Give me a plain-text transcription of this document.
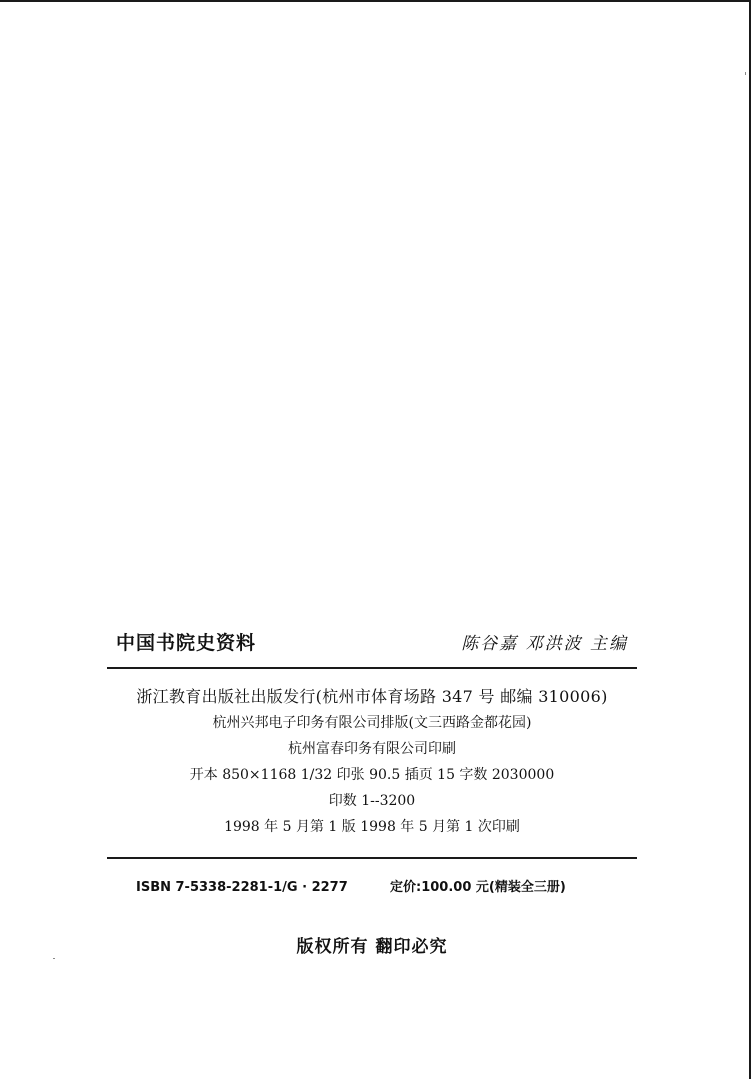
中国书院史资料	陈谷嘉 邓洪波 主编
浙江教育出版社出版发行(杭州市体育场路 347 号 邮编 310006)
杭州兴邦电子印务有限公司排版(文三西路金都花园)
杭州富春印务有限公司印刷
开本 850×1168 1/32 印张 90.5 插页 15 字数 2030000
印数 1--3200
1998 年 5 月第 1 版 1998 年 5 月第 1 次印刷
ISBN 7-5338-2281-1/G · 2277	定价:100.00 元(精装全三册)
版权所有 翻印必究
